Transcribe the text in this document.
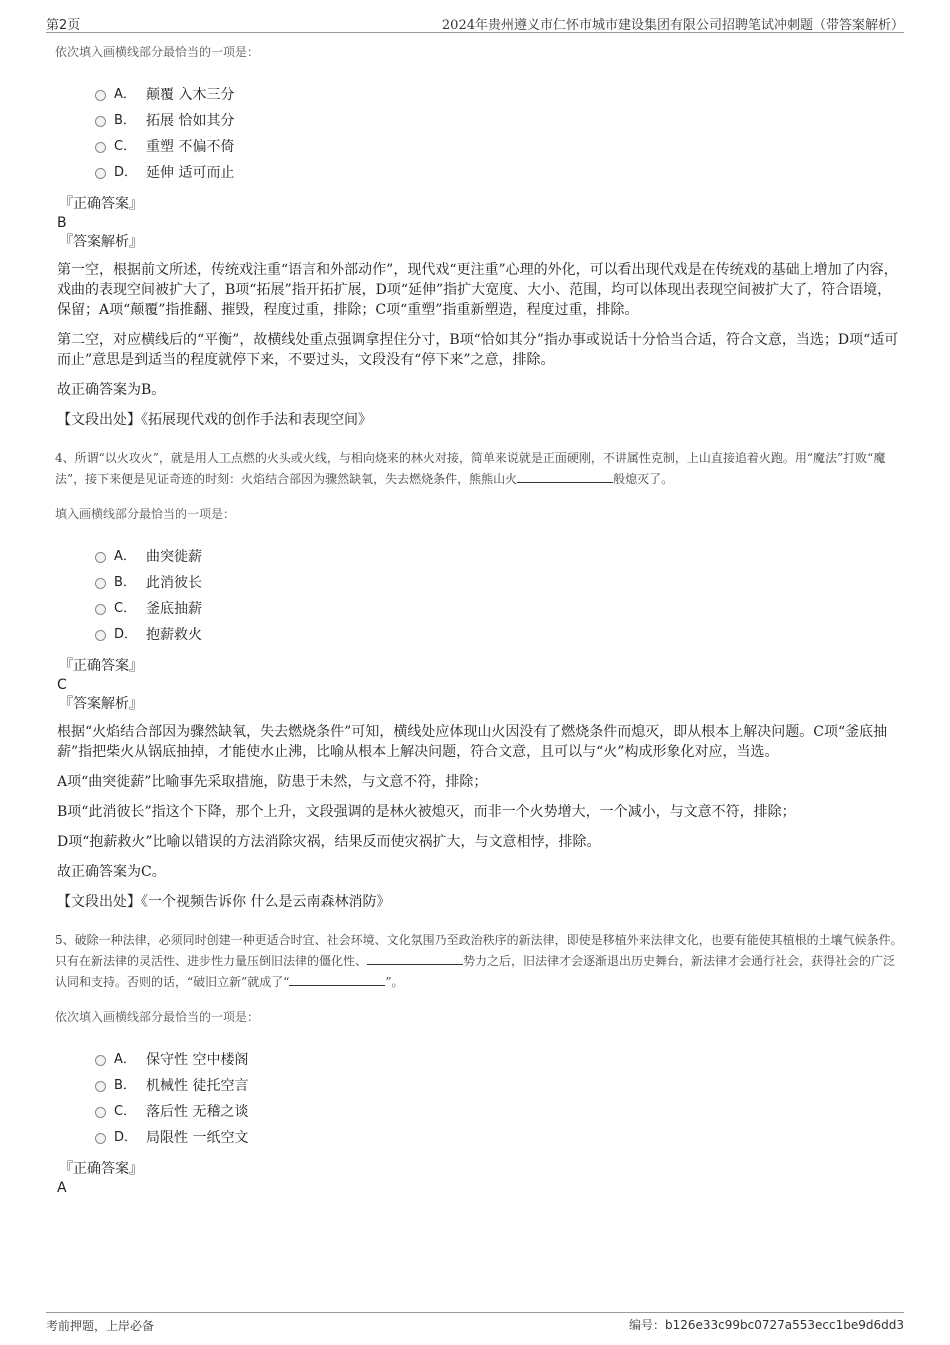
第2页	2024年贵州遵义市仁怀市城市建设集团有限公司招聘笔试冲刺题（带答案解析）
依次填入画横线部分最恰当的一项是：
A． 颠覆 入木三分
B． 拓展 恰如其分
C． 重塑 不偏不倚
D． 延伸 适可而止
『正确答案』
B
『答案解析』

第一空，根据前文所述，传统戏注重“语言和外部动作”，现代戏“更注重”心理的外化，可以看出现代戏是在传统戏的基础上增加了内容，戏曲的表现空间被扩大了，B项“拓展”指开拓扩展，D项“延伸”指扩大宽度、大小、范围，均可以体现出表现空间被扩大了，符合语境，保留；A项“颠覆”指推翻、摧毁，程度过重，排除；C项“重塑”指重新塑造，程度过重，排除。

第二空，对应横线后的“平衡”，故横线处重点强调拿捏住分寸，B项“恰如其分”指办事或说话十分恰当合适，符合文意，当选；D项“适可而止”意思是到适当的程度就停下来，不要过头，文段没有“停下来”之意，排除。

故正确答案为B。

【文段出处】《拓展现代戏的创作手法和表现空间》
4、所谓“以火攻火”，就是用人工点燃的火头或火线，与相向烧来的林火对接，简单来说就是正面硬刚，不讲属性克制，上山直接追着火跑。用“魔法”打败“魔法”，接下来便是见证奇迹的时刻：火焰结合部因为骤然缺氧，失去燃烧条件，熊熊山火	般熄灭了。
填入画横线部分最恰当的一项是：
A． 曲突徙薪
B． 此消彼长
C． 釜底抽薪
D． 抱薪救火
『正确答案』
C
『答案解析』

根据“火焰结合部因为骤然缺氧，失去燃烧条件”可知，横线处应体现山火因没有了燃烧条件而熄灭，即从根本上解决问题。C项“釜底抽薪”指把柴火从锅底抽掉，才能使水止沸，比喻从根本上解决问题，符合文意，且可以与“火”构成形象化对应，当选。

A项“曲突徙薪”比喻事先采取措施，防患于未然，与文意不符，排除；

B项“此消彼长”指这个下降，那个上升，文段强调的是林火被熄灭，而非一个火势增大，一个减小，与文意不符，排除；

D项“抱薪救火”比喻以错误的方法消除灾祸，结果反而使灾祸扩大，与文意相悖，排除。

故正确答案为C。

【文段出处】《一个视频告诉你 什么是云南森林消防》
5、破除一种法律，必须同时创建一种更适合时宜、社会环境、文化氛围乃至政治秩序的新法律，即使是移植外来法律文化，也要有能使其植根的土壤气候条件。只有在新法律的灵活性、进步性力量压倒旧法律的僵化性、	势力之后，旧法律才会逐渐退出历史舞台，新法律才会通行社会，获得社会的广泛认同和支持。否则的话，“破旧立新”就成了“	”。
依次填入画横线部分最恰当的一项是：
A． 保守性 空中楼阁
B． 机械性 徒托空言
C． 落后性 无稽之谈
D． 局限性 一纸空文
『正确答案』
A
考前押题，上岸必备	编号：b126e33c99bc0727a553ecc1be9d6dd3
